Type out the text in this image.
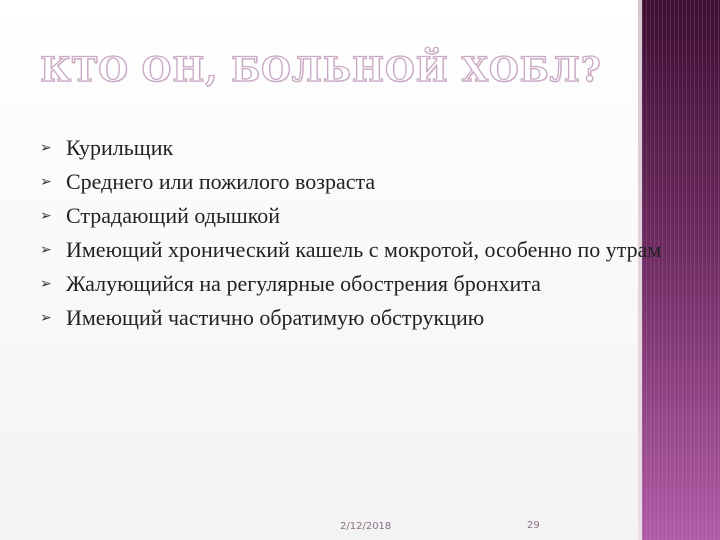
КТО ОН, БОЛЬНОЙ ХОБЛ?
➢ Курильщик
➢ Среднего или пожилого возраста
➢ Страдающий одышкой
➢ Имеющий хронический кашель с мокротой, особенно по утрам
➢ Жалующийся на регулярные обострения бронхита
➢ Имеющий частично обратимую обструкцию
2/12/2018	29
